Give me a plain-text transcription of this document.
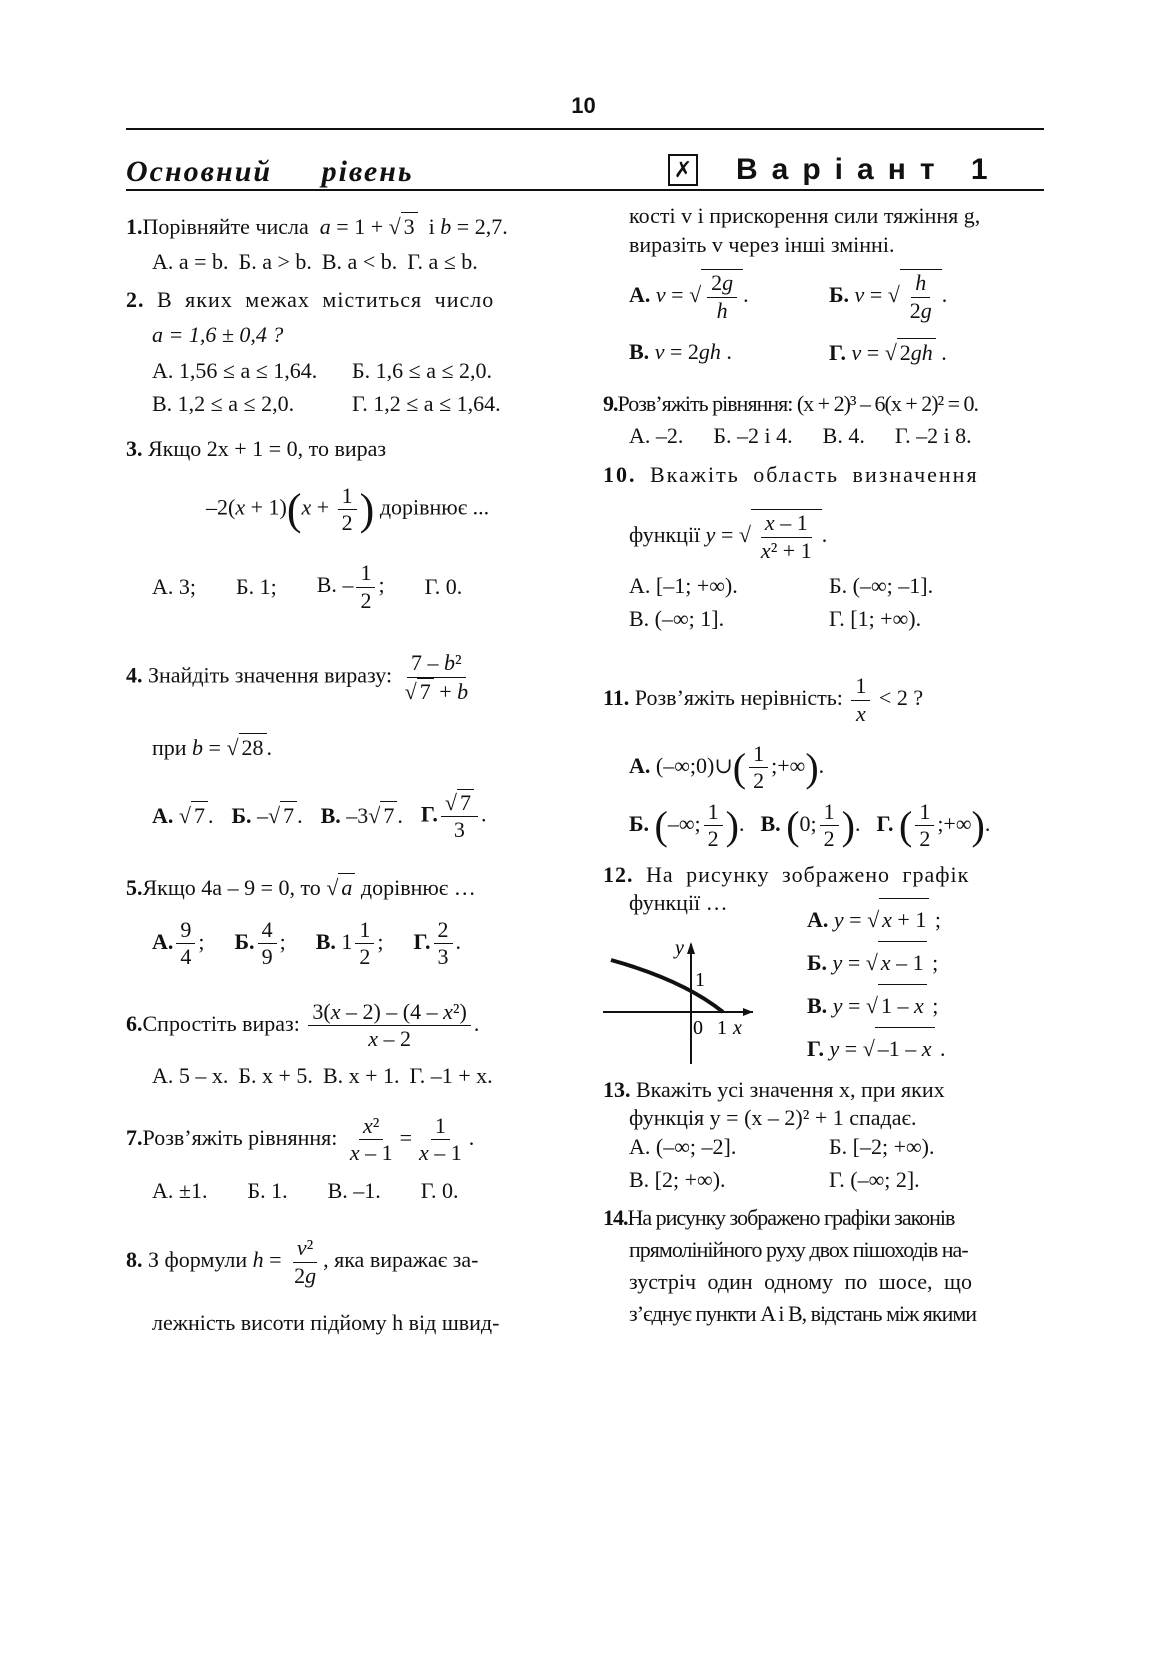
10
Основний рівень	✗ Варіант 1
1.Порівняйте числа a = 1 + √ 3 і b = 2,7.
А. a = b. Б. a > b. В. a < b. Г. a ≤ b.
2. В яких межах міститься число
a = 1,6 ± 0,4 ?
А. 1,56 ≤ a ≤ 1,64.	Б. 1,6 ≤ a ≤ 2,0.
В. 1,2 ≤ a ≤ 2,0.	Г. 1,2 ≤ a ≤ 1,64.
3. Якщо 2x + 1 = 0, то вираз
$-2(x + 1)(x + \frac{1}{2}$ ) дорівнює ...
А. 3; Б. 1; В. – $\frac{1}{2}$ ; Г. 0.
4. Знайдіть значення виразу: $\frac{\text{7 – b²}}{√ 7 + b}$
при b = √ 28 .
А. √ 7 . Б. –√ 7 . В. –3√ 7 . Г. $\frac{√ 7}{3}$ .
5.Якщо 4a – 9 = 0, то √ a дорівнює …
А. $\frac{9}{4}$ ; Б. $\frac{4}{9}$ ; В. $1 \frac{1}{2}$ ; Г. $\frac{2}{3}$ .
6.Спростіть вираз: $\frac{\text{3(x – 2) – (4 – x²)}}{x - 2}$ .
А. 5 – x. Б. x + 5. В. x + 1. Г. –1 + x.
7.Розв’яжіть рівняння: $\frac{\text{x²}}{x - 1} = \frac{1}{x - 1}$ .
А. ±1. Б. 1. В. –1. Г. 0.
8. З формули $h = \frac{\text{v²}}{2g}$ , яка виражає за-
лежність висоти підйому h від швид-
кості v і прискорення сили тяжіння g,
виразіть v через інші змінні.
А. v = √ $\frac{2g}{h}$ .	Б. v = √ $\frac{h}{2g}$ .
В. v = 2gh .	Г. v = √ 2gh .
9.Розв’яжіть рівняння: (x + 2)³ – 6(x + 2)² = 0.
А. –2. Б. –2 і 4. В. 4. Г. –2 і 8.
10. Вкажіть область визначення
функції y = √ $\frac{x - 1}{\text{x² + 1}}$ .
А. [–1; +∞).	Б. (–∞; –1].
В. (–∞; 1].	Г. [1; +∞).
11. Розв’яжіть нерівність: $\frac{1}{x} < 2$ ?
А. (–∞;0)∪( $\frac{1}{2}$ ;+∞).
Б. (–∞; $\frac{1}{2}$ ). В. (0; $\frac{1}{2}$ ). Г. ( $\frac{1}{2}$ ;+∞).
12. На рисунку зображено графік
функції …
y
1
0 1 x
А. y = √ x + 1 ;
Б. y = √ x – 1 ;
В. y = √ 1 – x ;
Г. y = √ –1 – x .
13. Вкажіть усі значення x, при яких
функція y = (x – 2)² + 1 спадає.
А. (–∞; –2].	Б. [–2; +∞).
В. [2; +∞).	Г. (–∞; 2].
14.На рисунку зображено графіки законів
прямолінійного руху двох пішоходів на-
зустріч один одному по шосе, що
з’єднує пункти A і B, відстань між якими
